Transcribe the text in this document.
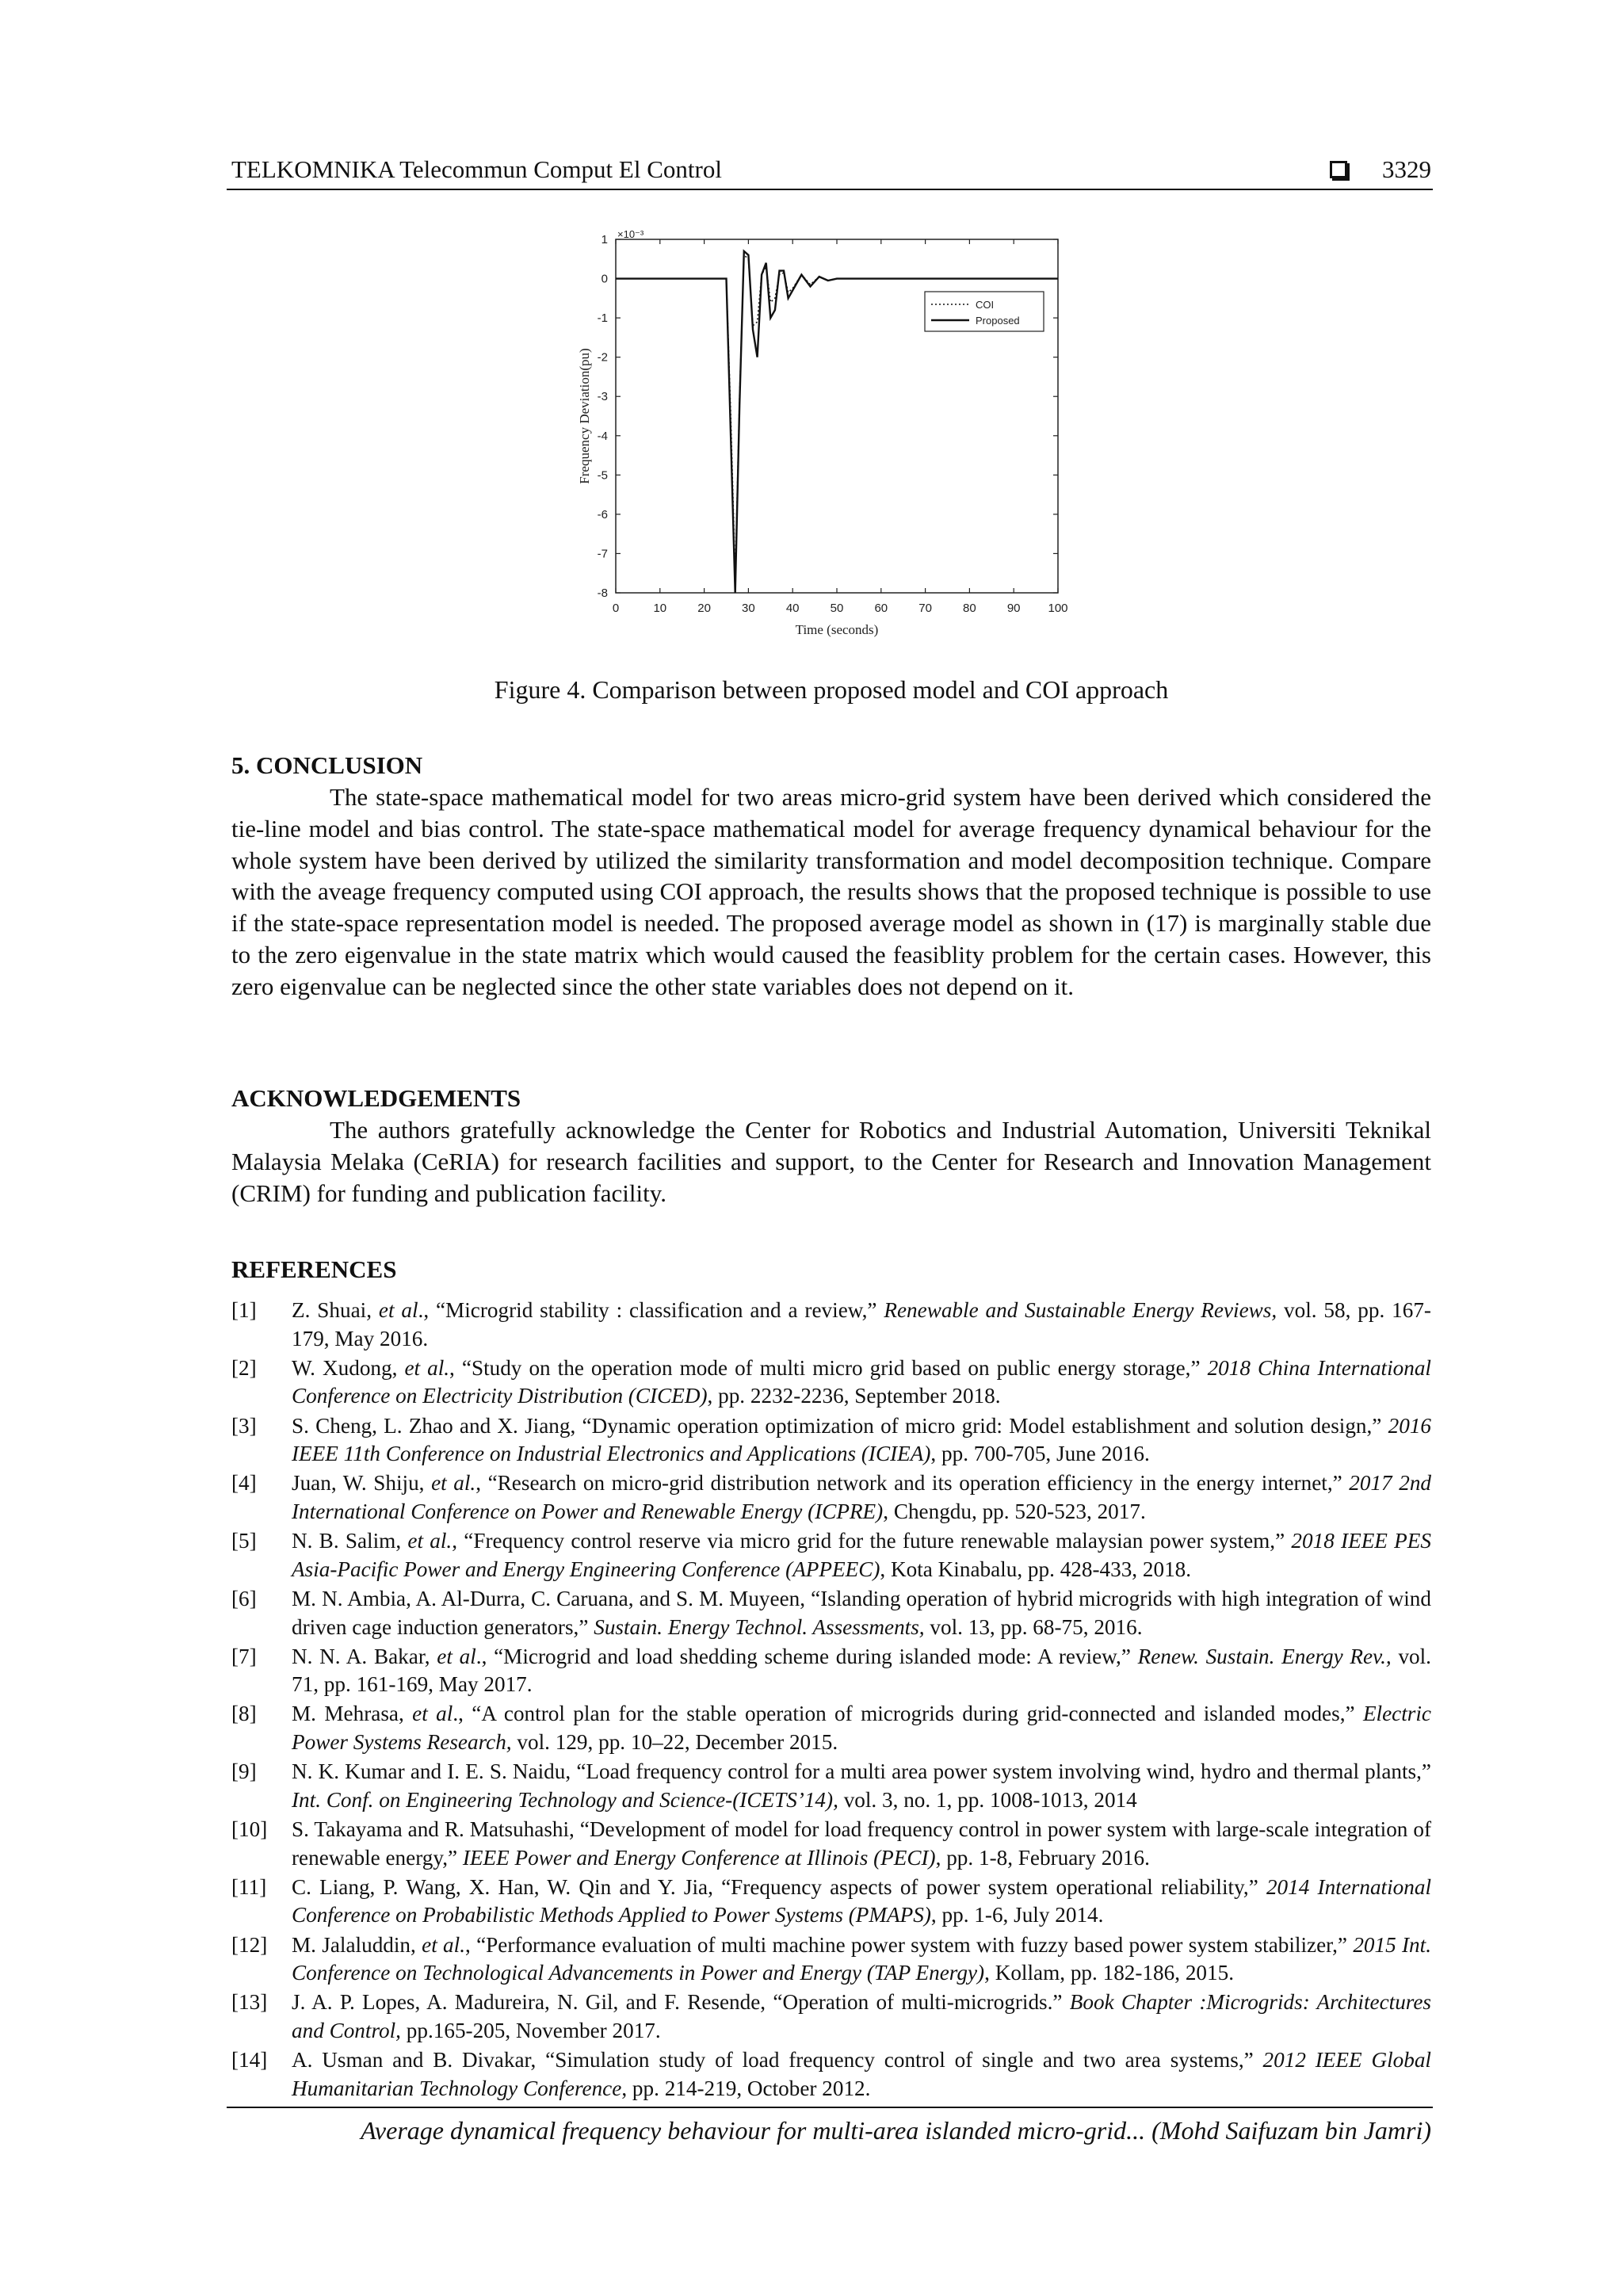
TELKOMNIKA Telecommun Comput El Control	3329
0	10	20	30	40	50	60	70	80	90 100
1
0
-1
-2
-3
-4
-5
-6
-7
-8
×10⁻³
Time (seconds)
Frequency Deviation(pu)
COI
Proposed
Figure 4. Comparison between proposed model and COI approach
5. CONCLUSION

The state-space mathematical model for two areas micro-grid system have been derived which considered the tie-line model and bias control. The state-space mathematical model for average frequency dynamical behaviour for the whole system have been derived by utilized the similarity transformation and model decomposition technique. Compare with the aveage frequency computed using COI approach, the results shows that the proposed technique is possible to use if the state-space representation model is needed. The proposed average model as shown in (17) is marginally stable due to the zero eigenvalue in the state matrix which would caused the feasiblity problem for the certain cases. However, this zero eigenvalue can be neglected since the other state variables does not depend on it.

ACKNOWLEDGEMENTS

The authors gratefully acknowledge the Center for Robotics and Industrial Automation, Universiti Teknikal Malaysia Melaka (CeRIA) for research facilities and support, to the Center for Research and Innovation Management (CRIM) for funding and publication facility.

REFERENCES
[1] Z. Shuai, et al., “Microgrid stability : classification and a review,” Renewable and Sustainable Energy Reviews, vol. 58, pp. 167-179, May 2016.
[2] W. Xudong, et al., “Study on the operation mode of multi micro grid based on public energy storage,” 2018 China International Conference on Electricity Distribution (CICED), pp. 2232-2236, September 2018.
[3] S. Cheng, L. Zhao and X. Jiang, “Dynamic operation optimization of micro grid: Model establishment and solution design,” 2016 IEEE 11th Conference on Industrial Electronics and Applications (ICIEA), pp. 700-705, June 2016.
[4] Juan, W. Shiju, et al., “Research on micro-grid distribution network and its operation efficiency in the energy internet,” 2017 2nd International Conference on Power and Renewable Energy (ICPRE), Chengdu, pp. 520-523, 2017.
[5] N. B. Salim, et al., “Frequency control reserve via micro grid for the future renewable malaysian power system,” 2018 IEEE PES Asia-Pacific Power and Energy Engineering Conference (APPEEC), Kota Kinabalu, pp. 428-433, 2018.
[6] M. N. Ambia, A. Al-Durra, C. Caruana, and S. M. Muyeen, “Islanding operation of hybrid microgrids with high integration of wind driven cage induction generators,” Sustain. Energy Technol. Assessments, vol. 13, pp. 68-75, 2016.
[7] N. N. A. Bakar, et al., “Microgrid and load shedding scheme during islanded mode: A review,” Renew. Sustain. Energy Rev., vol. 71, pp. 161-169, May 2017.
[8] M. Mehrasa, et al., “A control plan for the stable operation of microgrids during grid-connected and islanded modes,” Electric Power Systems Research, vol. 129, pp. 10–22, December 2015.
[9] N. K. Kumar and I. E. S. Naidu, “Load frequency control for a multi area power system involving wind, hydro and thermal plants,” Int. Conf. on Engineering Technology and Science-(ICETS’14), vol. 3, no. 1, pp. 1008-1013, 2014
[10] S. Takayama and R. Matsuhashi, “Development of model for load frequency control in power system with large-scale integration of renewable energy,” IEEE Power and Energy Conference at Illinois (PECI), pp. 1-8, February 2016.
[11] C. Liang, P. Wang, X. Han, W. Qin and Y. Jia, “Frequency aspects of power system operational reliability,” 2014 International Conference on Probabilistic Methods Applied to Power Systems (PMAPS), pp. 1-6, July 2014.
[12] M. Jalaluddin, et al., “Performance evaluation of multi machine power system with fuzzy based power system stabilizer,” 2015 Int. Conference on Technological Advancements in Power and Energy (TAP Energy), Kollam, pp. 182-186, 2015.
[13] J. A. P. Lopes, A. Madureira, N. Gil, and F. Resende, “Operation of multi-microgrids.” Book Chapter :Microgrids: Architectures and Control, pp.165-205, November 2017.
[14] A. Usman and B. Divakar, “Simulation study of load frequency control of single and two area systems,” 2012 IEEE Global Humanitarian Technology Conference, pp. 214-219, October 2012.
Average dynamical frequency behaviour for multi-area islanded micro-grid... (Mohd Saifuzam bin Jamri)
